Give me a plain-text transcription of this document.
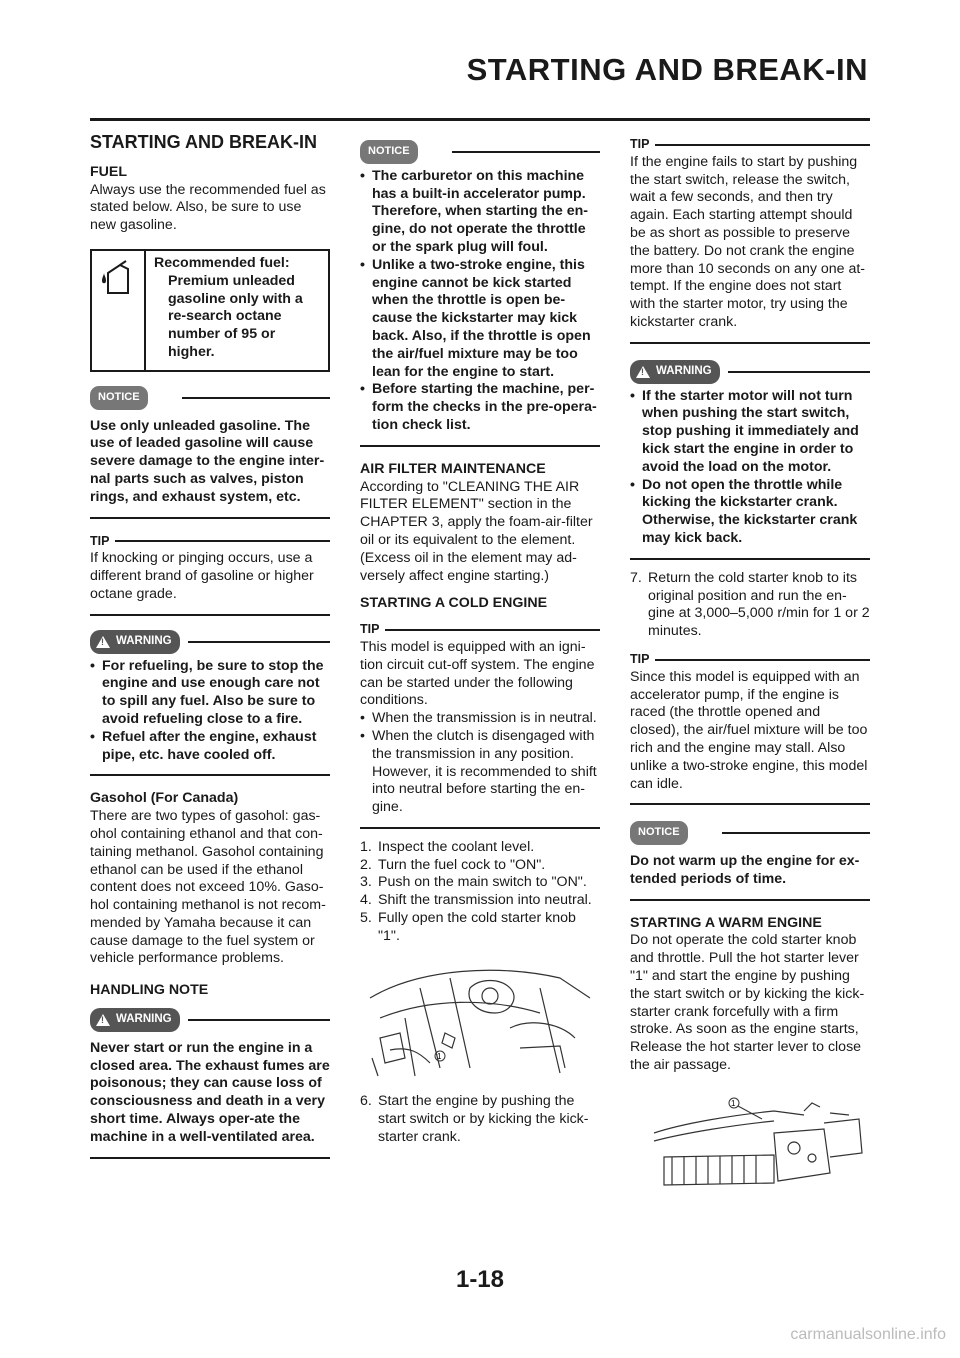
STARTING AND BREAK-IN
STARTING AND BREAK-IN
FUEL

Always use the recommended fuel as stated below. Also, be sure to use new gasoline.

Recommended fuel:
Premium unleaded gasoline only with a re-search octane number of 95 or higher.
NOTICE

Use only unleaded gasoline. The use of leaded gasoline will cause severe damage to the engine inter-nal parts such as valves, piston rings, and exhaust system, etc.

TIP

If knocking or pinging occurs, use a different brand of gasoline or higher octane grade.

!
WARNING
• For refueling, be sure to stop the engine and use enough care not to spill any fuel. Also be sure to avoid refueling close to a fire.
• Refuel after the engine, exhaust pipe, etc. have cooled off.
Gasohol (For Canada)

There are two types of gasohol: gas-ohol containing ethanol and that con-taining methanol. Gasohol containing ethanol can be used if the ethanol content does not exceed 10%. Gaso-hol containing methanol is not recom-mended by Yamaha because it can cause damage to the fuel system or vehicle performance problems.

HANDLING NOTE
!
WARNING

Never start or run the engine in a closed area. The exhaust fumes are poisonous; they can cause loss of consciousness and death in a very short time. Always oper-ate the machine in a well-ventilated area.

NOTICE
• The carburetor on this machine has a built-in accelerator pump. Therefore, when starting the en-gine, do not operate the throttle or the spark plug will foul.
• Unlike a two-stroke engine, this engine cannot be kick started when the throttle is open be-cause the kickstarter may kick back. Also, if the throttle is open the air/fuel mixture may be too lean for the engine to start.
• Before starting the machine, per-form the checks in the pre-opera-tion check list.
AIR FILTER MAINTENANCE

According to "CLEANING THE AIR FILTER ELEMENT" section in the CHAPTER 3, apply the foam-air-filter oil or its equivalent to the element. (Excess oil in the element may ad-versely affect engine starting.)

STARTING A COLD ENGINE
TIP

This model is equipped with an igni-tion circuit cut-off system. The engine can be started under the following conditions.

• When the transmission is in neutral.
• When the clutch is disengaged with the transmission in any position. However, it is recommended to shift into neutral before starting the en-gine.
1. Inspect the coolant level.
2. Turn the fuel cock to "ON".
3. Push on the main switch to "ON".
4. Shift the transmission into neutral.
5. Fully open the cold starter knob "1".
1
6. Start the engine by pushing the start switch or by kicking the kick-starter crank.
TIP

If the engine fails to start by pushing the start switch, release the switch, wait a few seconds, and then try again. Each starting attempt should be as short as possible to preserve the battery. Do not crank the engine more than 10 seconds on any one at-tempt. If the engine does not start with the starter motor, try using the kickstarter crank.

!
WARNING
• If the starter motor will not turn when pushing the start switch, stop pushing it immediately and kick start the engine in order to avoid the load on the motor.
• Do not open the throttle while kicking the kickstarter crank. Otherwise, the kickstarter crank may kick back.
7. Return the cold starter knob to its original position and run the en-gine at 3,000–5,000 r/min for 1 or 2 minutes.
TIP

Since this model is equipped with an accelerator pump, if the engine is raced (the throttle opened and closed), the air/fuel mixture will be too rich and the engine may stall. Also unlike a two-stroke engine, this model can idle.

NOTICE

Do not warm up the engine for ex-tended periods of time.

STARTING A WARM ENGINE

Do not operate the cold starter knob and throttle. Pull the hot starter lever "1" and start the engine by pushing the start switch or by kicking the kick-starter crank forcefully with a firm stroke. As soon as the engine starts, Release the hot starter lever to close the air passage.

1
1-18
carmanualsonline.info
